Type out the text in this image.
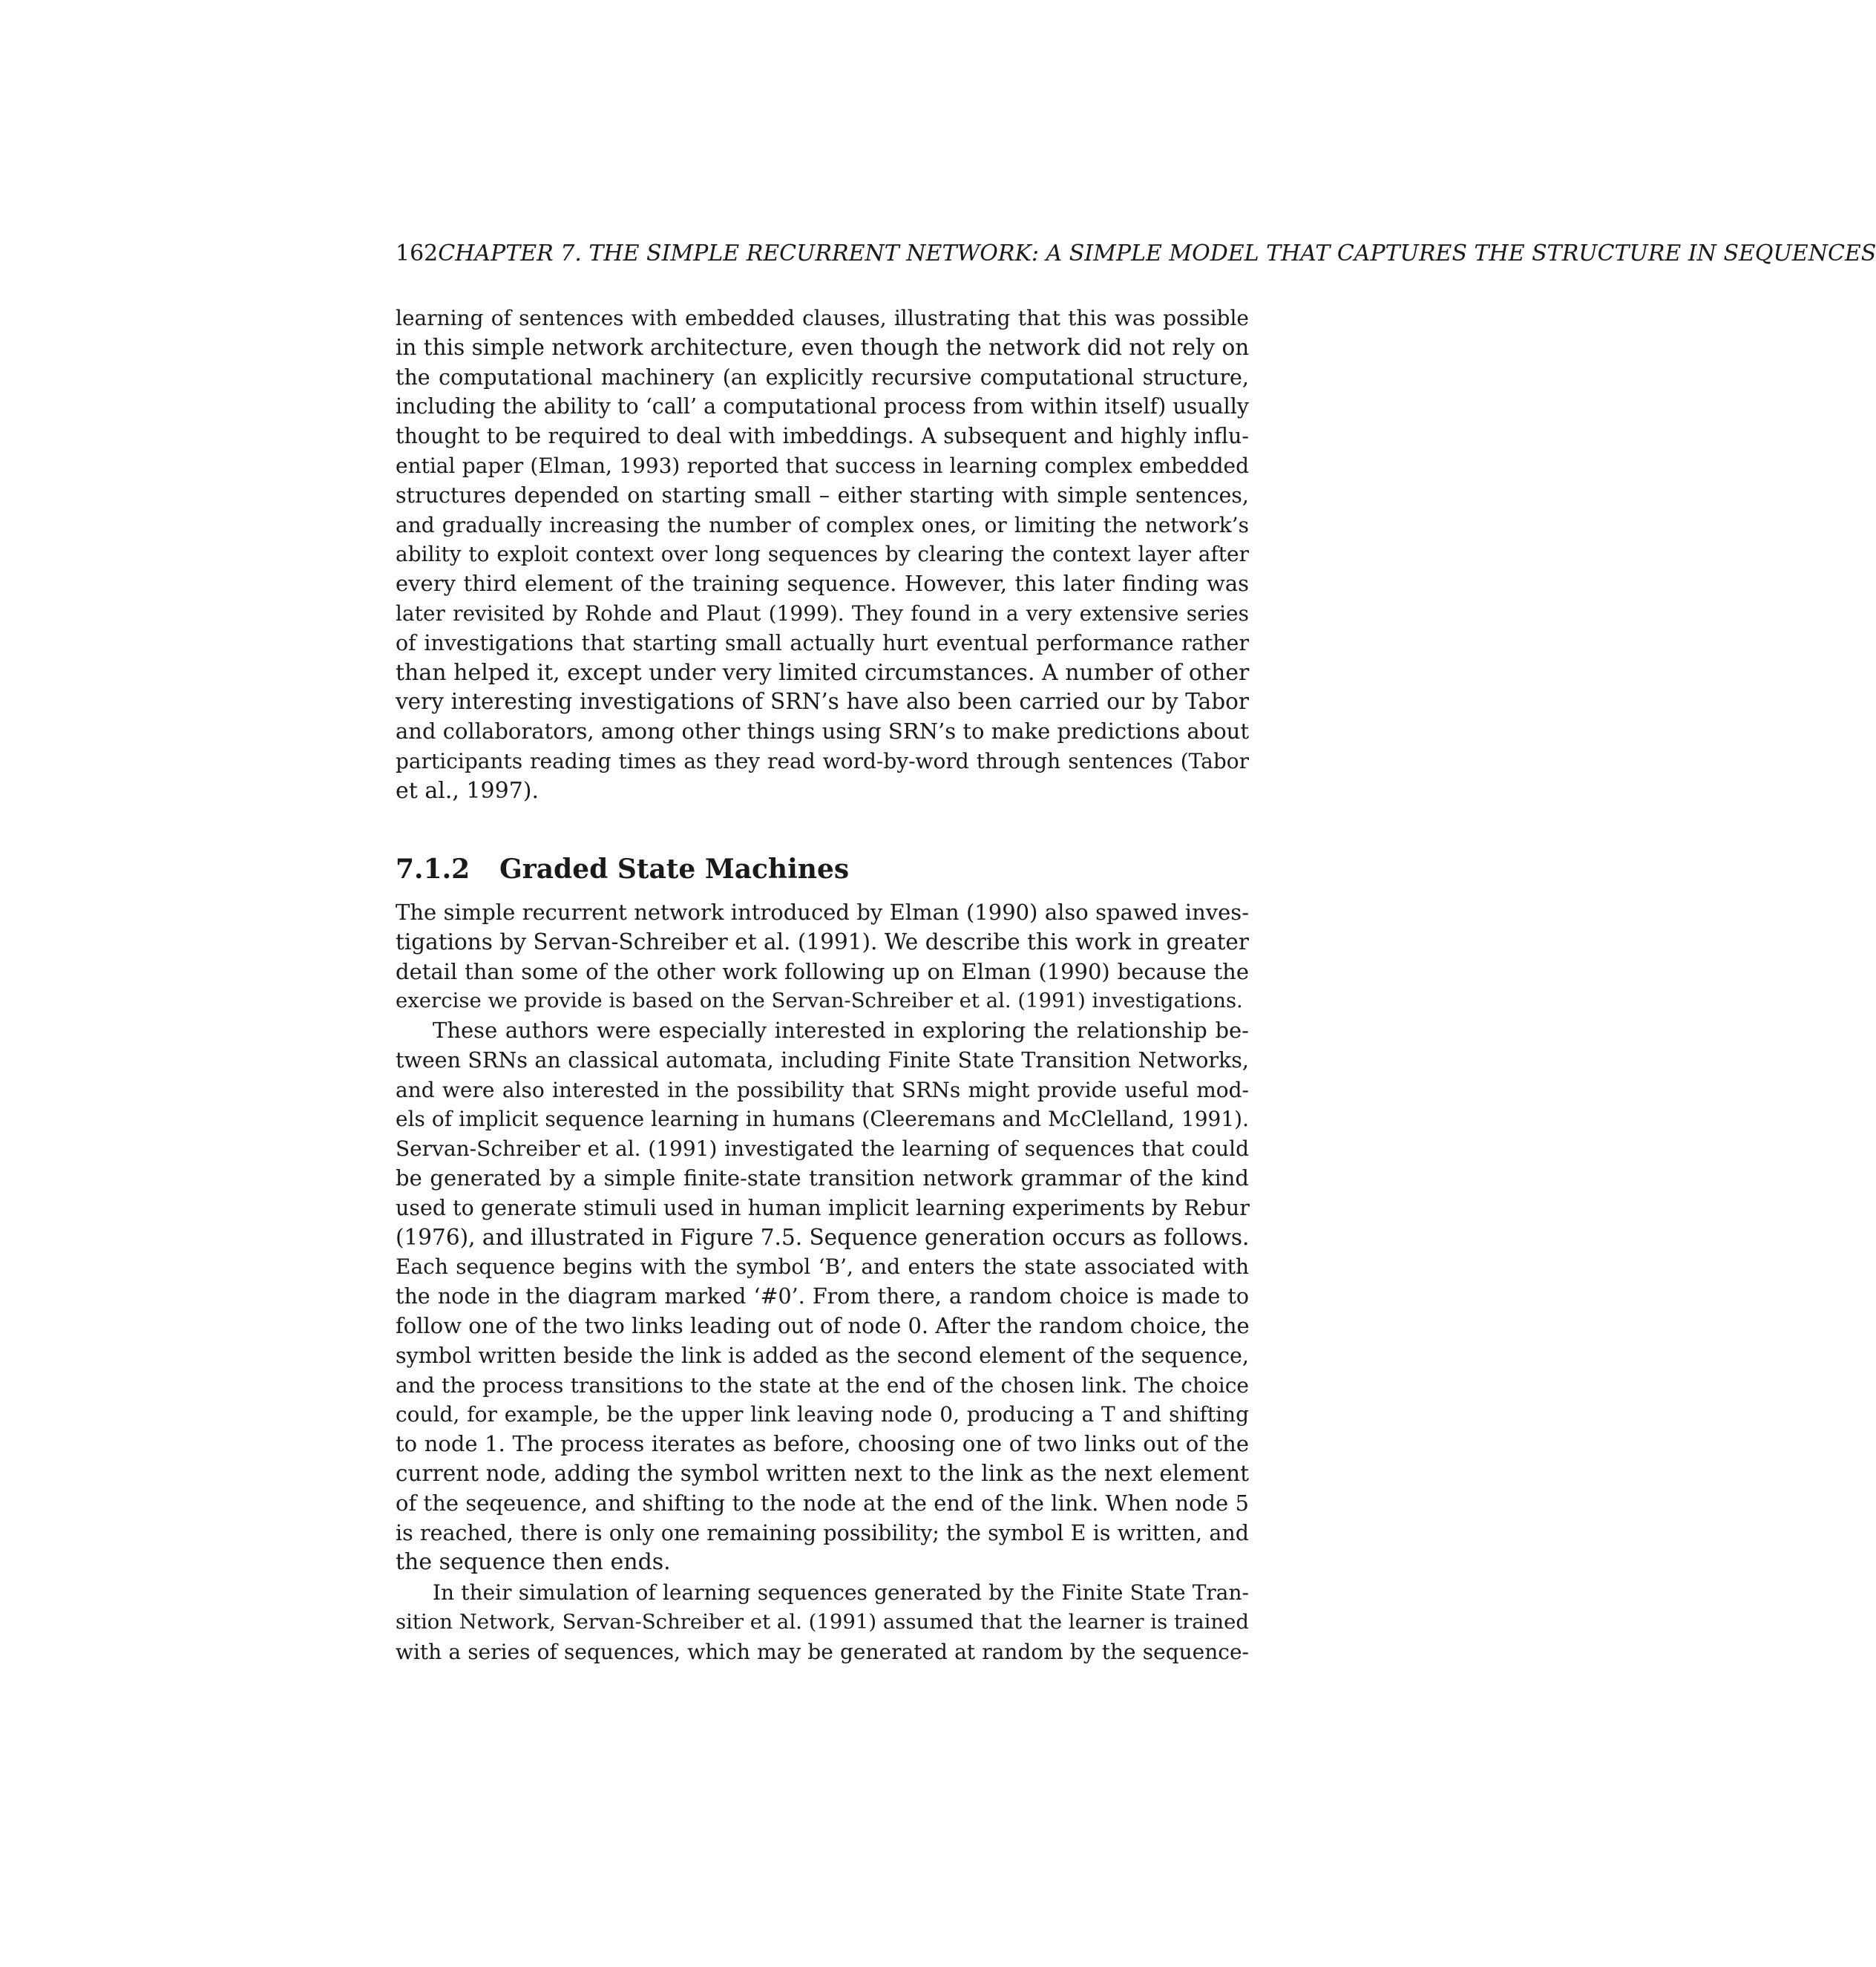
162CHAPTER 7. THE SIMPLE RECURRENT NETWORK: A SIMPLE MODEL THAT CAPTURES THE STRUCTURE IN SEQUENCES
learning of sentences with embedded clauses, illustrating that this was possible
in this simple network architecture, even though the network did not rely on
the computational machinery (an explicitly recursive computational structure,
including the ability to ‘call’ a computational process from within itself) usually
thought to be required to deal with imbeddings. A subsequent and highly influ-
ential paper (Elman, 1993) reported that success in learning complex embedded
structures depended on starting small – either starting with simple sentences,
and gradually increasing the number of complex ones, or limiting the network’s
ability to exploit context over long sequences by clearing the context layer after
every third element of the training sequence. However, this later finding was
later revisited by Rohde and Plaut (1999). They found in a very extensive series
of investigations that starting small actually hurt eventual performance rather
than helped it, except under very limited circumstances. A number of other
very interesting investigations of SRN’s have also been carried our by Tabor
and collaborators, among other things using SRN’s to make predictions about
participants reading times as they read word-by-word through sentences (Tabor
et al., 1997).
7.1.2 Graded State Machines
The simple recurrent network introduced by Elman (1990) also spawed inves-
tigations by Servan-Schreiber et al. (1991). We describe this work in greater
detail than some of the other work following up on Elman (1990) because the
exercise we provide is based on the Servan-Schreiber et al. (1991) investigations.
These authors were especially interested in exploring the relationship be-
tween SRNs an classical automata, including Finite State Transition Networks,
and were also interested in the possibility that SRNs might provide useful mod-
els of implicit sequence learning in humans (Cleeremans and McClelland, 1991).
Servan-Schreiber et al. (1991) investigated the learning of sequences that could
be generated by a simple finite-state transition network grammar of the kind
used to generate stimuli used in human implicit learning experiments by Rebur
(1976), and illustrated in Figure 7.5. Sequence generation occurs as follows.
Each sequence begins with the symbol ‘B’, and enters the state associated with
the node in the diagram marked ‘#0’. From there, a random choice is made to
follow one of the two links leading out of node 0. After the random choice, the
symbol written beside the link is added as the second element of the sequence,
and the process transitions to the state at the end of the chosen link. The choice
could, for example, be the upper link leaving node 0, producing a T and shifting
to node 1. The process iterates as before, choosing one of two links out of the
current node, adding the symbol written next to the link as the next element
of the seqeuence, and shifting to the node at the end of the link. When node 5
is reached, there is only one remaining possibility; the symbol E is written, and
the sequence then ends.
In their simulation of learning sequences generated by the Finite State Tran-
sition Network, Servan-Schreiber et al. (1991) assumed that the learner is trained
with a series of sequences, which may be generated at random by the sequence-
